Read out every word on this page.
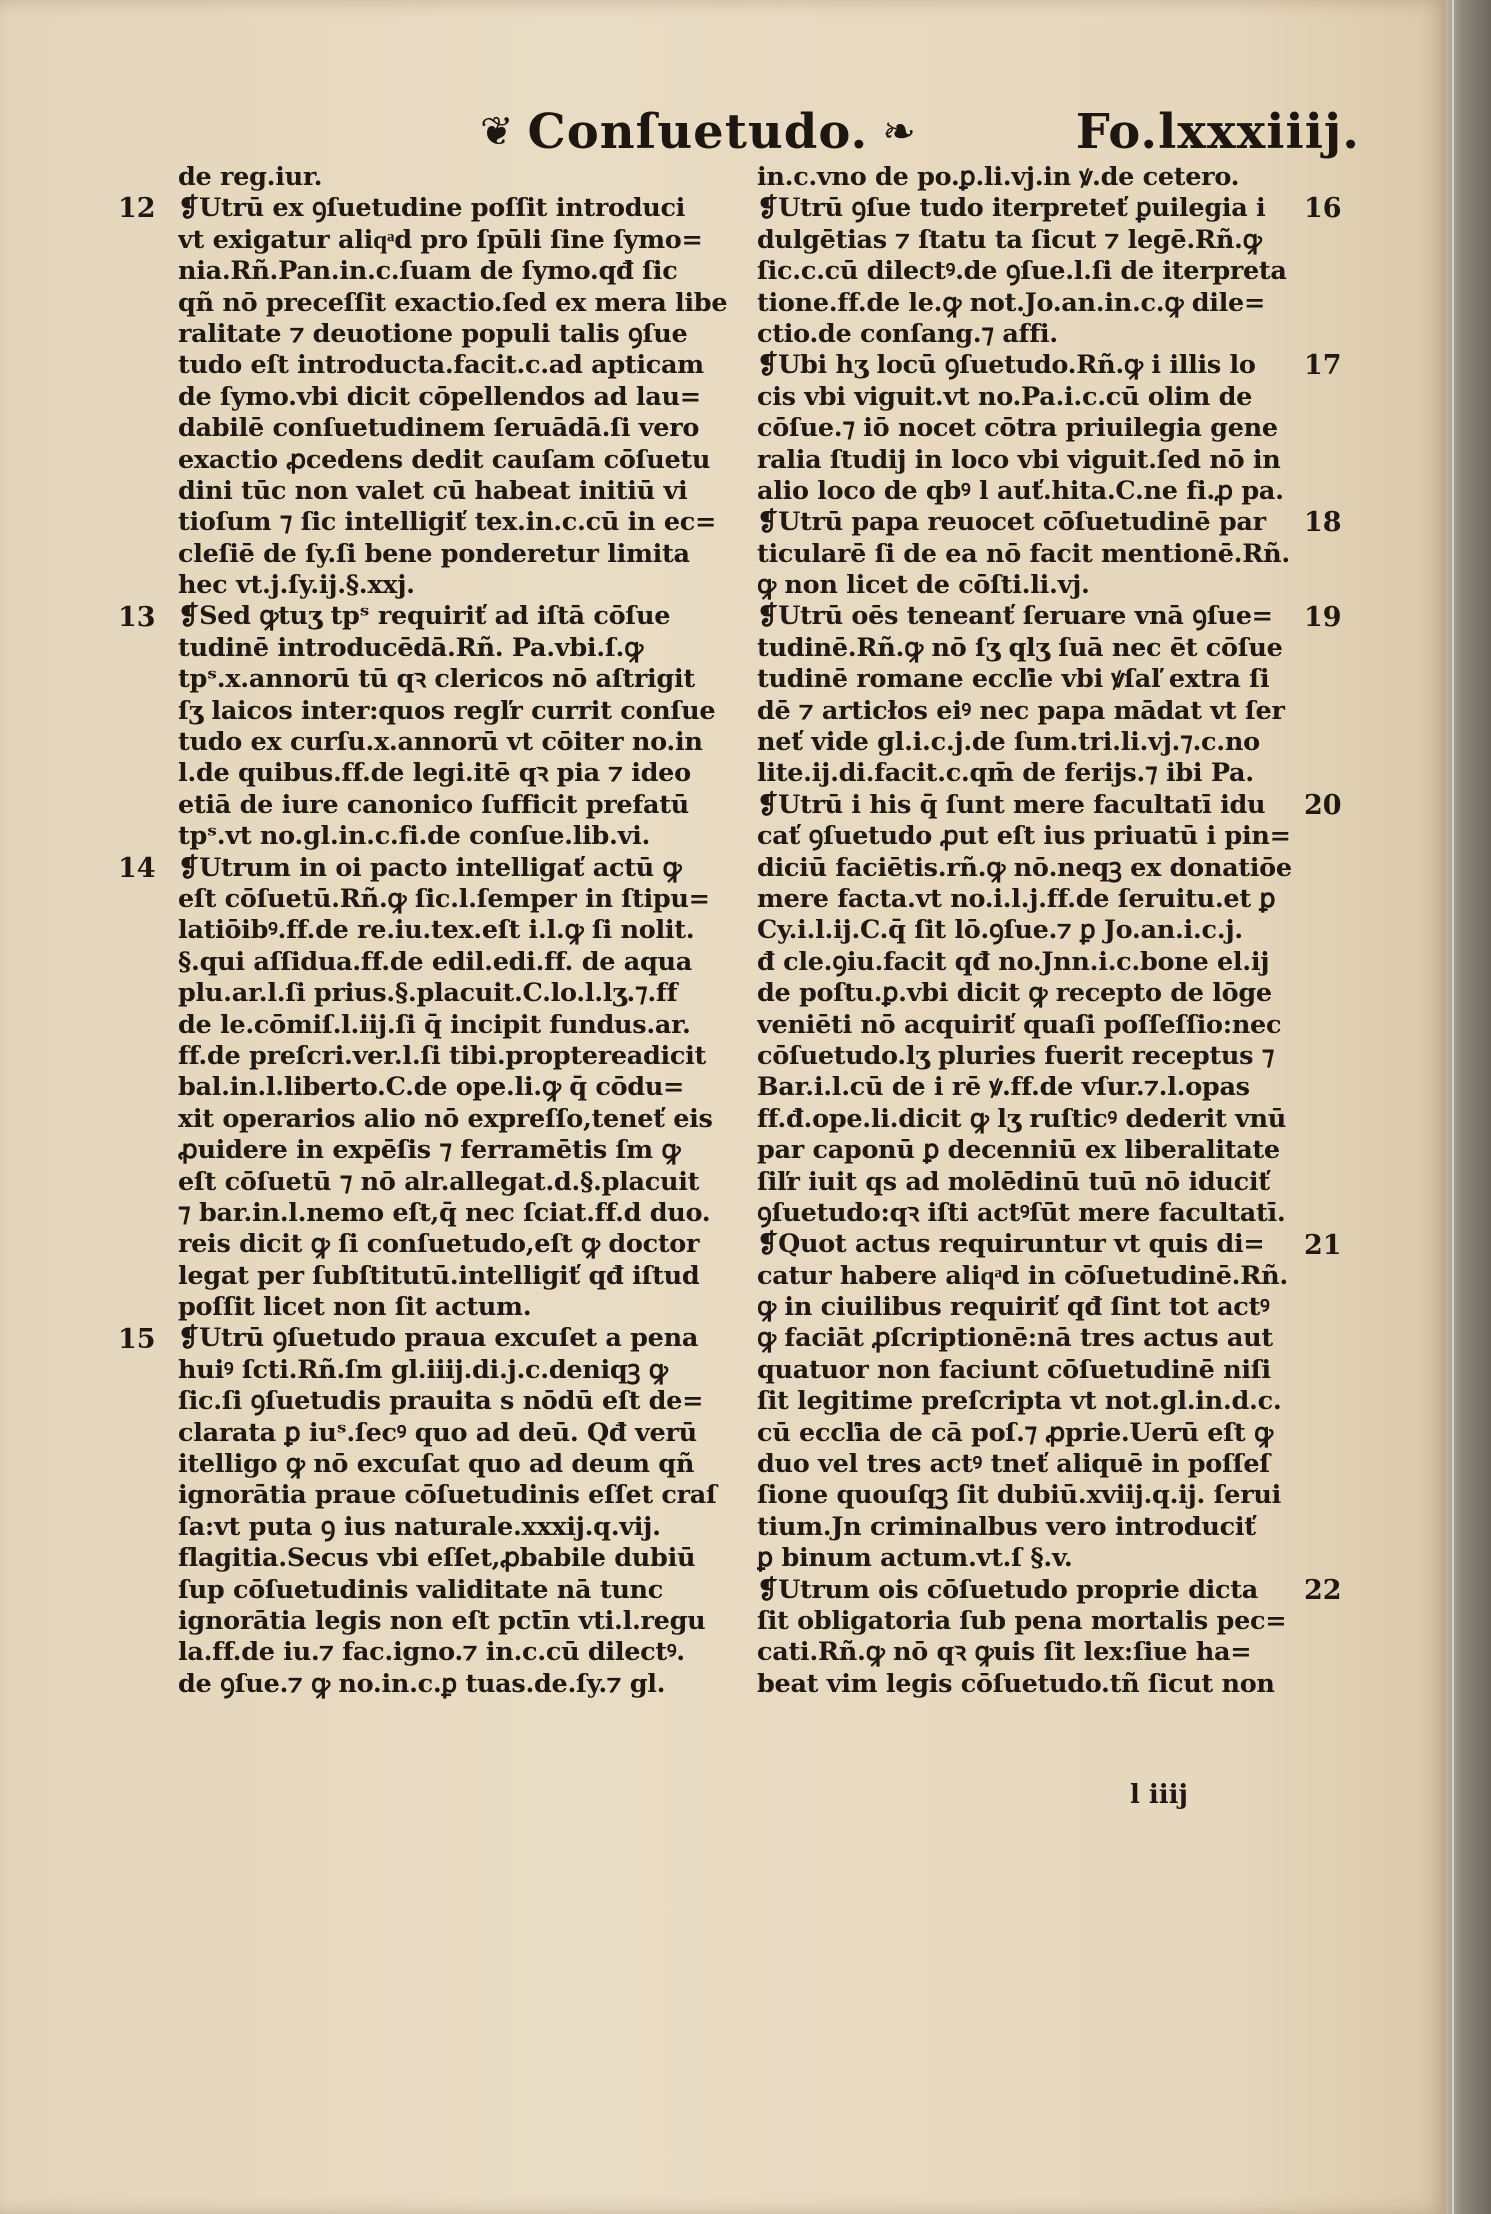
❦ Conſuetudo. ❧	Fo.lxxxiiij.
de reg.iur.
❡Utrū ex ꝯſuetudine poſſit introduci
vt exigatur aliqͣd pro ſpūli ſine ſymo=
nia.Rñ.Pan.in.c.ſuam de ſymo.qđ ſic
qñ nō preceſſit exactio.ſed ex mera libe
ralitate ⁊ deuotione populi talis ꝯſue
tudo eſt introducta.facit.c.ad apticam
de ſymo.vbi dicit cōpellendos ad lau=
dabilē conſuetudinem ſeruādā.ſi vero
exactio ꝓcedens dedit cauſam cōſuetu
dini tūc non valet cū habeat initiū vi
tioſum ⁊ ſic intelligiť tex.in.c.cū in ec=
cleſiē de ſy.ſi bene ponderetur limita
hec vt.j.ſy.ij.§.xxj.
❡Sed ꝙtuʒ tpˢ requiriť ad iſtā cōſue
tudinē introducēdā.Rñ. Pa.vbi.ſ.ꝙ
tpˢ.x.annorū tū qꝛ clericos nō aſtrigit
ſʒ laicos inter:quos regľr currit conſue
tudo ex curſu.x.annorū vt cōiter no.in
l.de quibus.ff.de legi.itē qꝛ pia ⁊ ideo
etiā de iure canonico ſufficit prefatū
tpˢ.vt no.gl.in.c.fi.de conſue.lib.vi.
❡Utrum in oi pacto intelligať actū ꝙ
eſt cōſuetū.Rñ.ꝙ ſic.l.ſemper in ſtipu=
latiōibꝰ.ff.de re.iu.tex.eſt i.l.ꝙ ſi nolit.
§.qui aſſidua.ff.de edil.edi.ff. de aqua
plu.ar.l.ſi prius.§.placuit.C.lo.l.lʒ.⁊.ff
de le.cōmiſ.l.iij.ſi q̄ incipit fundus.ar.
ff.de preſcri.ver.l.ſi tibi.proptereadicit
bal.in.l.liberto.C.de ope.li.ꝙ q̄ cōdu=
xit operarios alio nō expreſſo,teneť eis
ꝓuidere in expēſis ⁊ ferramētis ſm ꝙ
eſt cōſuetū ⁊ nō alr.allegat.d.§.placuit
⁊ bar.in.l.nemo eſt,q̄ nec ſciat.ff.d duo.
reis dicit ꝙ ſi conſuetudo,eſt ꝙ doctor
legat per ſubſtitutū.intelligiť qđ iſtud
poſſit licet non ſit actum.
❡Utrū ꝯſuetudo praua excuſet a pena
huiꝰ ſcti.Rñ.ſm gl.iiij.di.j.c.deniqꝫ ꝙ
ſic.ſi ꝯſuetudis prauita s nōdū eſt de=
clarata ꝑ iuˢ.ſecꝰ quo ad deū. Qđ verū
itelligo ꝙ nō excuſat quo ad deum qñ
ignorātia praue cōſuetudinis eſſet craſ
ſa:vt puta ꝯ ius naturale.xxxij.q.vij.
flagitia.Secus vbi eſſet,ꝓbabile dubiū
ſup cōſuetudinis validitate nā tunc
ignorātia legis non eſt pctīn vti.l.regu
la.ff.de iu.⁊ fac.igno.⁊ in.c.cū dilectꝰ.
de ꝯſue.⁊ ꝙ no.in.c.ꝑ tuas.de.ſy.⁊ gl.
in.c.vno de po.ꝑ.li.vj.in ꝟ.de cetero.
❡Utrū ꝯſue tudo iterpreteť ꝑuilegia i
dulgētias ⁊ ſtatu ta ſicut ⁊ legē.Rñ.ꝙ
ſic.c.cū dilectꝰ.de ꝯſue.l.ſi de iterpreta
tione.ff.de le.ꝙ not.Jo.an.in.c.ꝙ dile=
ctio.de conſang.⁊ affi.
❡Ubi hʒ locū ꝯſuetudo.Rñ.ꝙ i illis lo
cis vbi viguit.vt no.Pa.i.c.cū olim de
cōſue.⁊ iō nocet cōtra priuilegia gene
ralia ſtudij in loco vbi viguit.ſed nō in
alio loco de qbꝰ l auť.hita.C.ne fi.ꝓ pa.
❡Utrū papa reuocet cōſuetudinē par
ticularē ſi de ea nō facit mentionē.Rñ.
ꝙ non licet de cōſti.li.vj.
❡Utrū oēs teneanť ſeruare vnā ꝯſue=
tudinē.Rñ.ꝙ nō ſʒ qlʒ ſuā nec ēt cōſue
tudinē romane eccľie vbi ꝟſaľ extra ſi
dē ⁊ articłos eiꝰ nec papa mādat vt ſer
neť vide gl.i.c.j.de ſum.tri.li.vj.⁊.c.no
lite.ij.di.facit.c.qm̄ de ferijs.⁊ ibi Pa.
❡Utrū i his q̄ ſunt mere facultatī idu
cať ꝯſuetudo ꝓut eſt ius priuatū i pin=
diciū faciētis.rñ.ꝙ nō.neqꝫ ex donatiōe
mere facta.vt no.i.l.j.ff.de ſeruitu.et ꝑ
Cy.i.l.ij.C.q̄ ſit lō.ꝯſue.⁊ ꝑ Jo.an.i.c.j.
đ cle.ꝯiu.facit qđ no.Jnn.i.c.bone el.ij
de poſtu.ꝑ.vbi dicit ꝙ recepto de lōge
veniēti nō acquiriť quaſi poſſeſſio:nec
cōſuetudo.lʒ pluries fuerit receptus ⁊
Bar.i.l.cū de i rē ꝟ.ff.de vſur.⁊.l.opas
ff.đ.ope.li.dicit ꝙ lʒ ruſticꝰ dederit vnū
par caponū ꝑ decenniū ex liberalitate
ſiľr iuit qs ad molēdinū tuū nō iduciť
ꝯſuetudo:qꝛ iſti actꝰſūt mere facultatī.
❡Quot actus requiruntur vt quis di=
catur habere aliqͣd in cōſuetudinē.Rñ.
ꝙ in ciuilibus requiriť qđ ſint tot actꝰ
ꝙ faciāt ꝓſcriptionē:nā tres actus aut
quatuor non faciunt cōſuetudinē niſi
ſit legitime preſcripta vt not.gl.in.d.c.
cū eccľia de cā poſ.⁊ ꝓprie.Uerū eſt ꝙ
duo vel tres actꝰ tneť aliquē in poſſeſ
ſione quouſqꝫ ſit dubiū.xviij.q.ij. ſerui
tium.Jn criminalbus vero introduciť
ꝑ binum actum.vt.ſ §.v.
❡Utrum ois cōſuetudo proprie dicta
ſit obligatoria ſub pena mortalis pec=
cati.Rñ.ꝙ nō qꝛ ꝙuis ſit lex:ſiue ha=
beat vim legis cōſuetudo.tñ ſicut non
12
13
14
15
16
17
18
19
20
21
22
l iiij
